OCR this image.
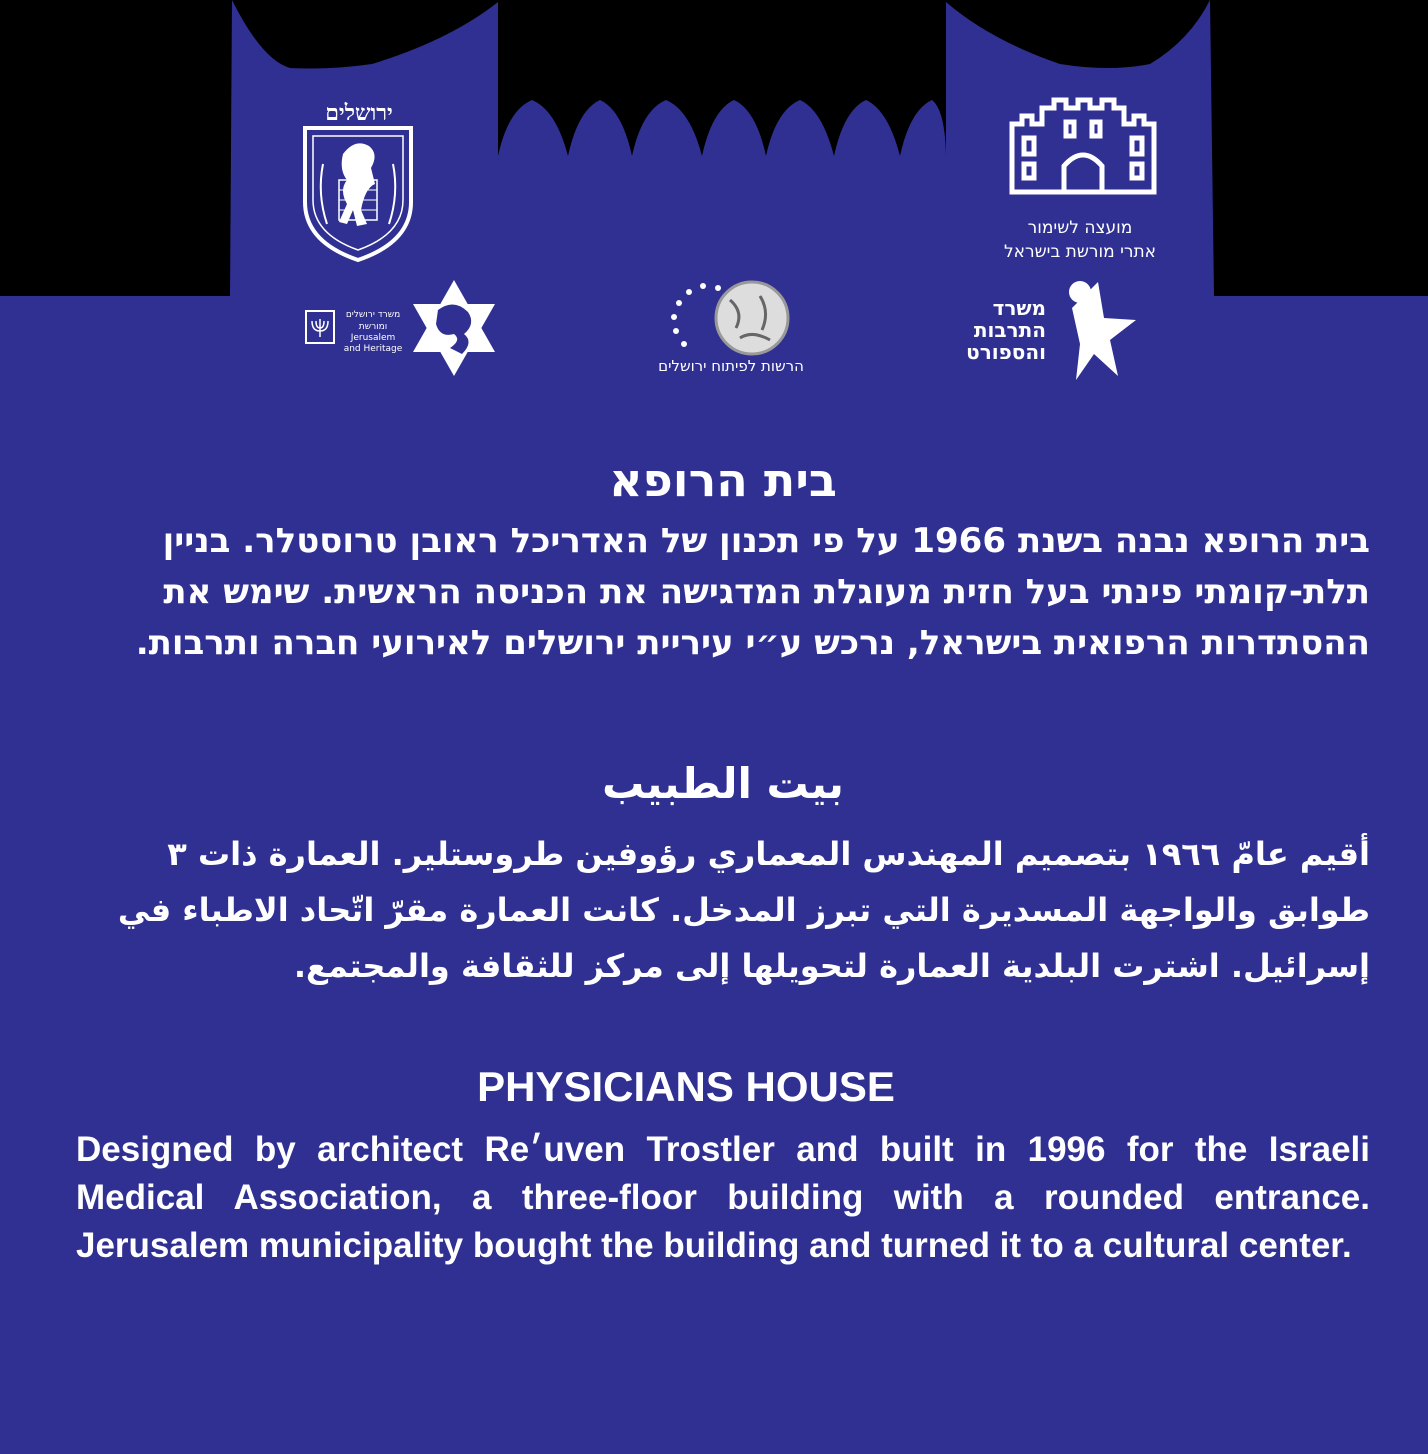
ירושלים
מועצה לשימור
אתרי מורשת בישראל
משרד ירושלים
ומורשת
Jerusalem
and Heritage
הרשות לפיתוח ירושלים
משרד
התרבות
והספורט
בית הרופא

בית הרופא נבנה בשנת 1966 על פי תכנון של האדריכל ראובן טרוסטלר. בניין תלת-קומתי פינתי בעל חזית מעוגלת המדגישה את הכניסה הראשית. שימש את ההסתדרות הרפואית בישראל, נרכש ע״י עיריית ירושלים לאירועי חברה ותרבות.

بيت الطبيب

أقيم عامّ ١٩٦٦ بتصميم المهندس المعماري رؤوفين طروستلير. العمارة ذات ٣ طوابق والواجهة المسديرة التي تبرز المدخل. كانت العمارة مقرّ اتّحاد الاطباء في إسرائيل. اشترت البلدية العمارة لتحويلها إلى مركز للثقافة والمجتمع.

PHYSICIANS HOUSE

Designed by architect Re׳uven Trostler and built in 1996 for the Israeli Medical Association, a three-floor building with a rounded entrance. Jerusalem municipality bought the building and turned it to a cultural center.
